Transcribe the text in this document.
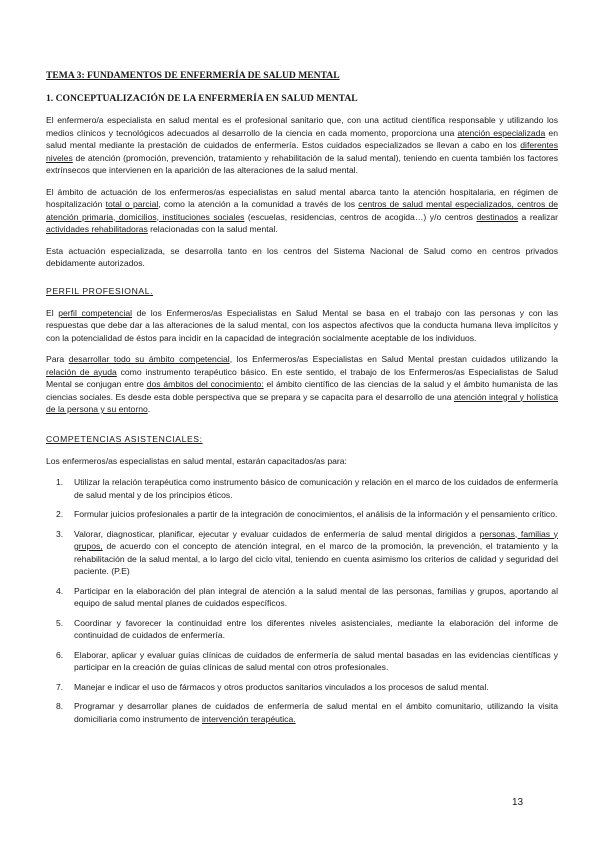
TEMA 3: FUNDAMENTOS DE ENFERMERÍA DE SALUD MENTAL
1. CONCEPTUALIZACIÓN DE LA ENFERMERÍA EN SALUD MENTAL

El enfermero/a especialista en salud mental es el profesional sanitario que, con una actitud científica responsable y utilizando los medios clínicos y tecnológicos adecuados al desarrollo de la ciencia en cada momento, proporciona una atención especializada en salud mental mediante la prestación de cuidados de enfermería. Estos cuidados especializados se llevan a cabo en los diferentes niveles de atención (promoción, prevención, tratamiento y rehabilitación de la salud mental), teniendo en cuenta también los factores extrínsecos que intervienen en la aparición de las alteraciones de la salud mental.

El ámbito de actuación de los enfermeros/as especialistas en salud mental abarca tanto la atención hospitalaria, en régimen de hospitalización total o parcial, como la atención a la comunidad a través de los centros de salud mental especializados, centros de atención primaria, domicilios, instituciones sociales (escuelas, residencias, centros de acogida…) y/o centros destinados a realizar actividades rehabilitadoras relacionadas con la salud mental.

Esta actuación especializada, se desarrolla tanto en los centros del Sistema Nacional de Salud como en centros privados debidamente autorizados.

PERFIL PROFESIONAL.

El perfil competencial de los Enfermeros/as Especialistas en Salud Mental se basa en el trabajo con las personas y con las respuestas que debe dar a las alteraciones de la salud mental, con los aspectos afectivos que la conducta humana lleva implícitos y con la potencialidad de éstos para incidir en la capacidad de integración socialmente aceptable de los individuos.

Para desarrollar todo su ámbito competencial, los Enfermeros/as Especialistas en Salud Mental prestan cuidados utilizando la relación de ayuda como instrumento terapéutico básico. En este sentido, el trabajo de los Enfermeros/as Especialistas de Salud Mental se conjugan entre dos ámbitos del conocimiento: el ámbito científico de las ciencias de la salud y el ámbito humanista de las ciencias sociales. Es desde esta doble perspectiva que se prepara y se capacita para el desarrollo de una atención integral y holística de la persona y su entorno.

COMPETENCIAS ASISTENCIALES:

Los enfermeros/as especialistas en salud mental, estarán capacitados/as para:

1.	Utilizar la relación terapéutica como instrumento básico de comunicación y relación en el marco de los cuidados de enfermería de salud mental y de los principios éticos.
2.	Formular juicios profesionales a partir de la integración de conocimientos, el análisis de la información y el pensamiento crítico.
3.	Valorar, diagnosticar, planificar, ejecutar y evaluar cuidados de enfermería de salud mental dirigidos a personas, familias y grupos, de acuerdo con el concepto de atención integral, en el marco de la promoción, la prevención, el tratamiento y la rehabilitación de la salud mental, a lo largo del ciclo vital, teniendo en cuenta asimismo los criterios de calidad y seguridad del paciente. (P.E)
4.	Participar en la elaboración del plan integral de atención a la salud mental de las personas, familias y grupos, aportando al equipo de salud mental planes de cuidados específicos.
5.	Coordinar y favorecer la continuidad entre los diferentes niveles asistenciales, mediante la elaboración del informe de continuidad de cuidados de enfermería.
6.	Elaborar, aplicar y evaluar guías clínicas de cuidados de enfermería de salud mental basadas en las evidencias científicas y participar en la creación de guías clínicas de salud mental con otros profesionales.
7.	Manejar e indicar el uso de fármacos y otros productos sanitarios vinculados a los procesos de salud mental.
8.	Programar y desarrollar planes de cuidados de enfermería de salud mental en el ámbito comunitario, utilizando la visita domiciliaria como instrumento de intervención terapéutica.
13
